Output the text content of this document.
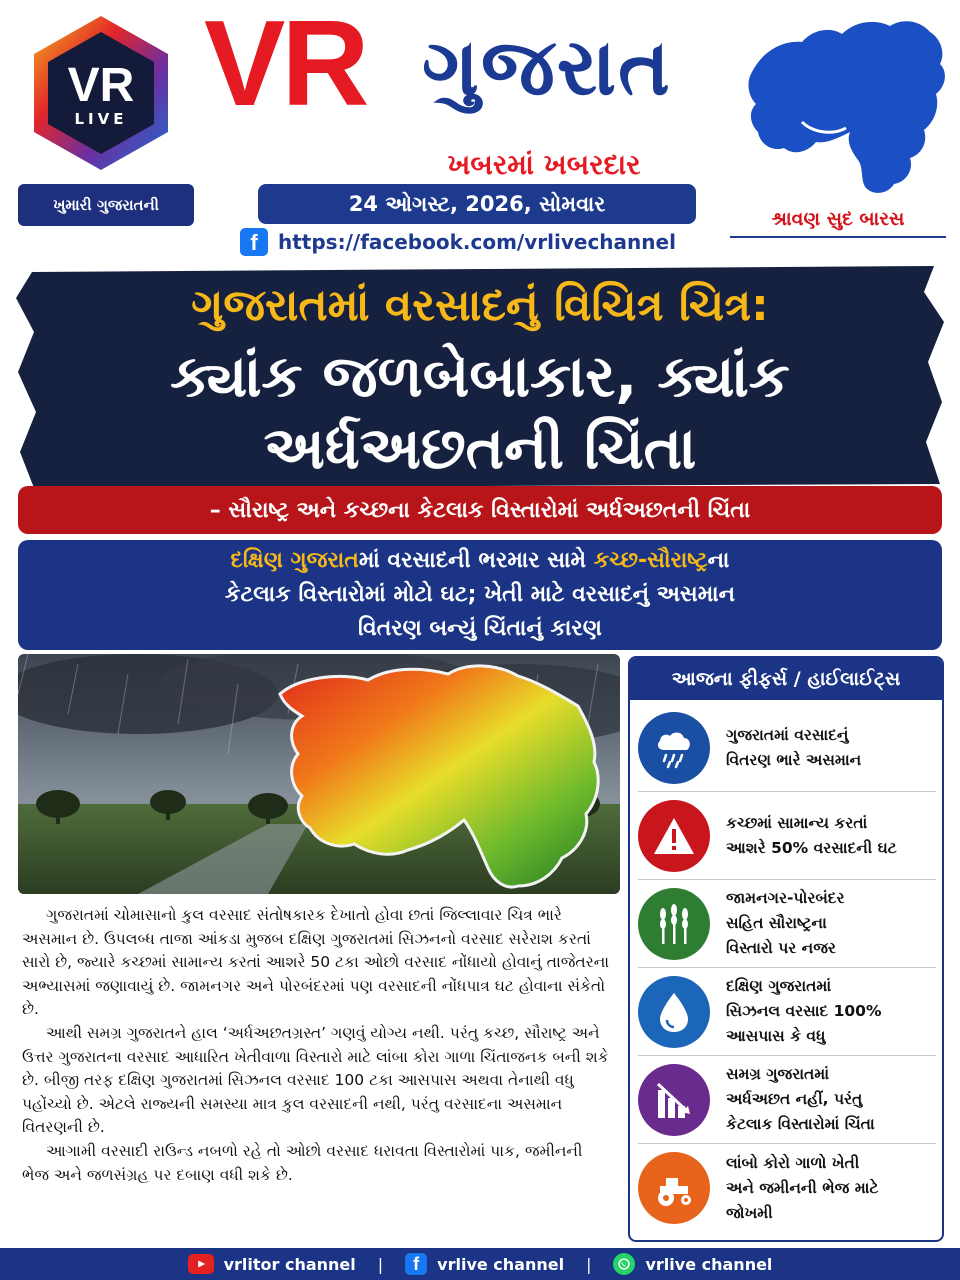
VR
LIVE
ખુમારી ગુજરાતની
VR ગુજરાત
ખબરમાં ખબરદાર
24 ઓગસ્ટ, 2026, સોમવાર
f	https://facebook.com/vrlivechannel
શ્રાવણ સુદ બારસ
ગુજરાતમાં વરસાદનું વિચિત્ર ચિત્ર:
ક્યાંક જળબેબાકાર, ક્યાંક
અર્ધઅછતની ચિંતા
– સૌરાષ્ટ્ર અને કચ્છના કેટલાક વિસ્તારોમાં અર્ધઅછતની ચિંતા
દક્ષિણ ગુજરાતમાં વરસાદની ભરમાર સામે કચ્છ-સૌરાષ્ટ્રના
કેટલાક વિસ્તારોમાં મોટો ઘટ; ખેતી માટે વરસાદનું અસમાન
વિતરણ બન્યું ચિંતાનું કારણ

ગુજરાતમાં ચોમાસાનો કુલ વરસાદ સંતોષકારક દેખાતો હોવા છતાં જિલ્લાવાર ચિત્ર ભારે અસમાન છે. ઉપલબ્ધ તાજા આંકડા મુજબ દક્ષિણ ગુજરાતમાં સિઝનનો વરસાદ સરેરાશ કરતાં સારો છે, જ્યારે કચ્છમાં સામાન્ય કરતાં આશરે 50 ટકા ઓછો વરસાદ નોંધાયો હોવાનું તાજેતરના અભ્યાસમાં જણાવાયું છે. જામનગર અને પોરબંદરમાં પણ વરસાદની નોંધપાત્ર ઘટ હોવાના સંકેતો છે.

આથી સમગ્ર ગુજરાતને હાલ ‘અર્ધઅછતગ્રસ્ત’ ગણવું યોગ્ય નથી. પરંતુ કચ્છ, સૌરાષ્ટ્ર અને ઉત્તર ગુજરાતના વરસાદ આધારિત ખેતીવાળા વિસ્તારો માટે લાંબા કોરા ગાળા ચિંતાજનક બની શકે છે. બીજી તરફ દક્ષિણ ગુજરાતમાં સિઝનલ વરસાદ 100 ટકા આસપાસ અથવા તેનાથી વધુ પહોંચ્યો છે. એટલે રાજ્યની સમસ્યા માત્ર કુલ વરસાદની નથી, પરંતુ વરસાદના અસમાન વિતરણની છે.

આગામી વરસાદી રાઉન્ડ નબળો રહે તો ઓછો વરસાદ ધરાવતા વિસ્તારોમાં પાક, જમીનની ભેજ અને જળસંગ્રહ પર દબાણ વધી શકે છે.

આજના ફીફર્સ / હાઈલાઈટ્સ
ગુજરાતમાં વરસાદનું
વિતરણ ભારે અસમાન
કચ્છમાં સામાન્ય કરતાં
આશરે 50% વરસાદની ઘટ
જામનગર-પોરબંદર
સહિત સૌરાષ્ટ્રના
વિસ્તારો પર નજર
દક્ષિણ ગુજરાતમાં
સિઝનલ વરસાદ 100%
આસપાસ કે વધુ
સમગ્ર ગુજરાતમાં
અર્ધઅછત નહીં, પરંતુ
કેટલાક વિસ્તારોમાં ચિંતા
લાંબો કોરો ગાળો ખેતી
અને જમીનની ભેજ માટે
જોખમી
vrlitor channel |	f	vrlive channel |	vrlive channel
